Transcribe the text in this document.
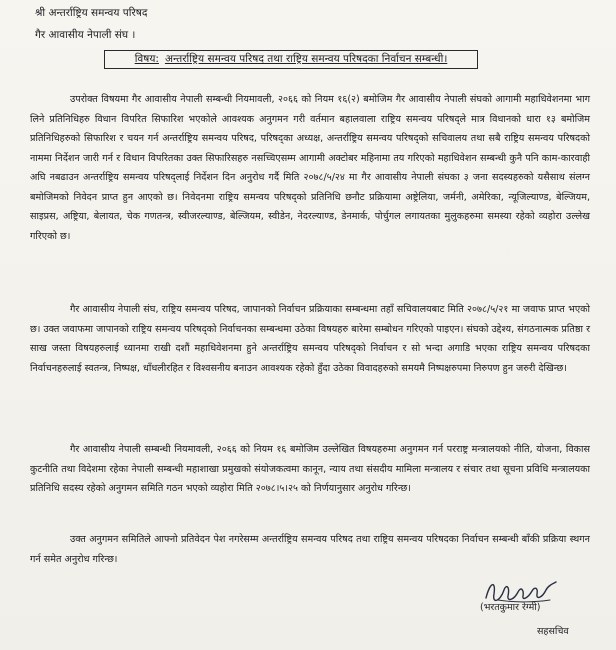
श्री अन्तर्राष्ट्रिय समन्वय परिषद
गैर आवासीय नेपाली संघ ।
विषय: अन्तर्राष्ट्रिय समन्वय परिषद तथा राष्ट्रिय समन्वय परिषदका निर्वाचन सम्बन्धी।

उपरोक्त विषयमा गैर आवासीय नेपाली सम्बन्धी नियमावली, २०६६ को नियम १६(२) बमोजिम गैर आवासीय नेपाली संघको आगामी महाधिवेशनमा भाग लिने प्रतिनिधिहरु विधान विपरित सिफारिश भएकोले आवश्यक अनुगमन गरी वर्तमान बहालवाला राष्ट्रिय समन्वय परिषद्ले मात्र विधानको धारा १३ बमोजिम प्रतिनिधिहरुको सिफारिश र चयन गर्न अन्तर्राष्ट्रिय समन्वय परिषद, परिषद्का अध्यक्ष, अन्तर्राष्ट्रिय समन्वय परिषद्को सचिवालय तथा सबै राष्ट्रिय समन्वय परिषदको नाममा निर्देशन जारी गर्न र विधान विपरितका उक्त सिफारिसहरु नसच्चिएसम्म आगामी अक्टोबर महिनामा तय गरिएको महाधिवेशन सम्बन्धी कुनै पनि काम-कारवाही अघि नबढाउन अन्तर्राष्ट्रिय समन्वय परिषद्लाई निर्देशन दिन अनुरोध गर्दै मिति २०७८/५/२४ मा गैर आवासीय नेपाली संघका ३ जना सदस्यहरुको यसैसाथ संलग्न बमोजिमको निवेदन प्राप्त हुन आएको छ। निवेदनमा राष्ट्रिय समन्वय परिषद्को प्रतिनिधि छनौट प्रक्रियामा अष्ट्रेलिया, जर्मनी, अमेरिका, न्यूजिल्याण्ड, बेल्जियम, साइप्रस, अष्ट्रिया, बेलायत, चेक गणतन्त्र, स्वीजरल्याण्ड, बेल्जियम, स्वीडेन, नेदरल्याण्ड, डेनमार्क, पोर्चुगल लगायतका मुलुकहरुमा समस्या रहेको व्यहोरा उल्लेख गरिएको छ।

गैर आवासीय नेपाली संघ, राष्ट्रिय समन्वय परिषद, जापानको निर्वाचन प्रक्रियाका सम्बन्धमा तहाँ सचिवालयबाट मिति २०७८/५/२१ मा जवाफ प्राप्त भएको छ। उक्त जवाफमा जापानको राष्ट्रिय समन्वय परिषद्को निर्वाचनका सम्बन्धमा उठेका विषयहरु बारेमा सम्बोधन गरिएको पाइएन। संघको उद्देश्य, संगठनात्मक प्रतिष्ठा र साख जस्ता विषयहरुलाई ध्यानमा राखी दशौं महाधिवेशनमा हुने अन्तर्राष्ट्रिय समन्वय परिषद्को निर्वाचन र सो भन्दा अगाडि भएका राष्ट्रिय समन्वय परिषदका निर्वाचनहरुलाई स्वतन्त्र, निष्पक्ष, धाँधलीरहित र विश्वसनीय बनाउन आवश्यक रहेको हुँदा उठेका विवादहरुको समयमै निष्पक्षरुपमा निरुपण हुन जरुरी देखिन्छ।

गैर आवासीय नेपाली सम्बन्धी नियमावली, २०६६ को नियम १६ बमोजिम उल्लेखित विषयहरुमा अनुगमन गर्न परराष्ट्र मन्त्रालयको नीति, योजना, विकास कुटनीति तथा विदेशमा रहेका नेपाली सम्बन्धी महाशाखा प्रमुखको संयोजकत्वमा कानून, न्याय तथा संसदीय मामिला मन्त्रालय र संचार तथा सूचना प्रविधि मन्त्रालयका प्रतिनिधि सदस्य रहेको अनुगमन समिति गठन भएको व्यहोरा मिति २०७८।५।२५ को निर्णयानुसार अनुरोध गरिन्छ।

उक्त अनुगमन समितिले आफ्नो प्रतिवेदन पेश नगरेसम्म अन्तर्राष्ट्रिय समन्वय परिषद तथा राष्ट्रिय समन्वय परिषदका निर्वाचन सम्बन्धी बाँकी प्रक्रिया स्थगन गर्न समेत अनुरोध गरिन्छ।

(भरतकुमार रेग्मी)
सहसचिव
